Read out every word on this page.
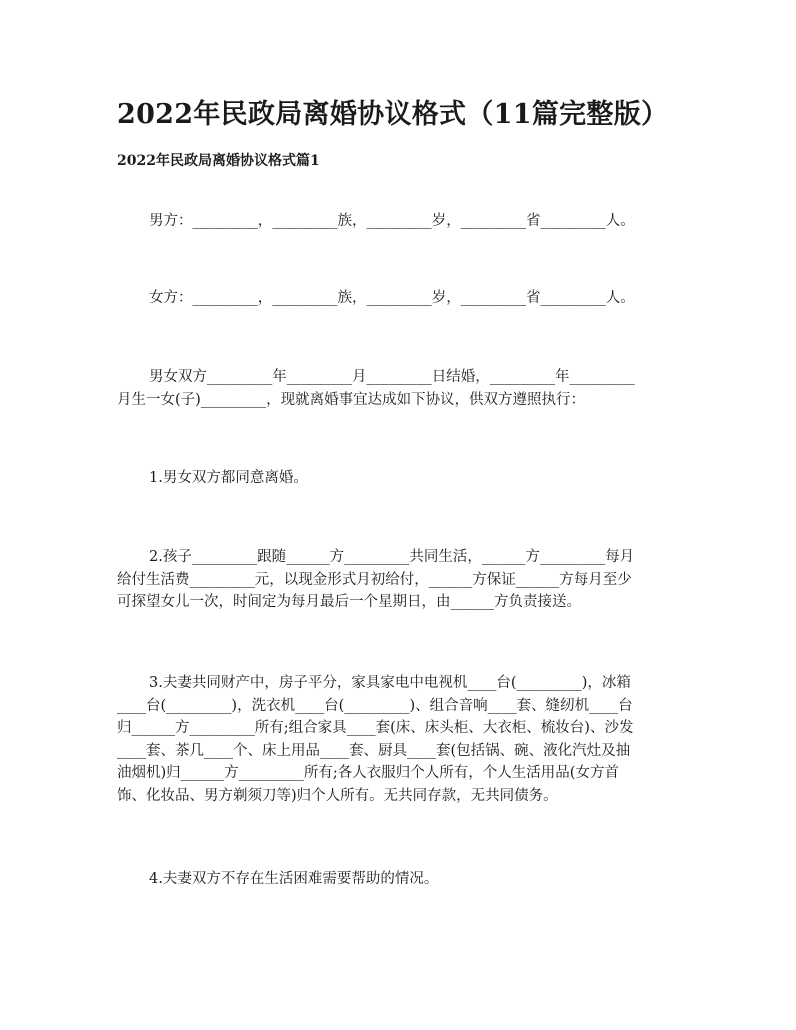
2022年民政局离婚协议格式（11篇完整版）
2022年民政局离婚协议格式篇1
男方：_________，_________族，_________岁，_________省_________人。
女方：_________，_________族，_________岁，_________省_________人。
男女双方_________年_________月_________日结婚，_________年_________
月生一女(子)_________，现就离婚事宜达成如下协议，供双方遵照执行：
1.男女双方都同意离婚。
2.孩子_________跟随______方_________共同生活，______方_________每月
给付生活费_________元，以现金形式月初给付，______方保证______方每月至少
可探望女儿一次，时间定为每月最后一个星期日，由______方负责接送。
3.夫妻共同财产中，房子平分，家具家电中电视机____台(_________)，冰箱
____台(_________)，洗衣机____台(_________)、组合音响____套、缝纫机____台
归______方_________所有;组合家具____套(床、床头柜、大衣柜、梳妆台)、沙发
____套、茶几____个、床上用品____套、厨具____套(包括锅、碗、液化汽灶及抽
油烟机)归______方_________所有;各人衣服归个人所有，个人生活用品(女方首
饰、化妆品、男方剃须刀等)归个人所有。无共同存款，无共同债务。
4.夫妻双方不存在生活困难需要帮助的情况。
